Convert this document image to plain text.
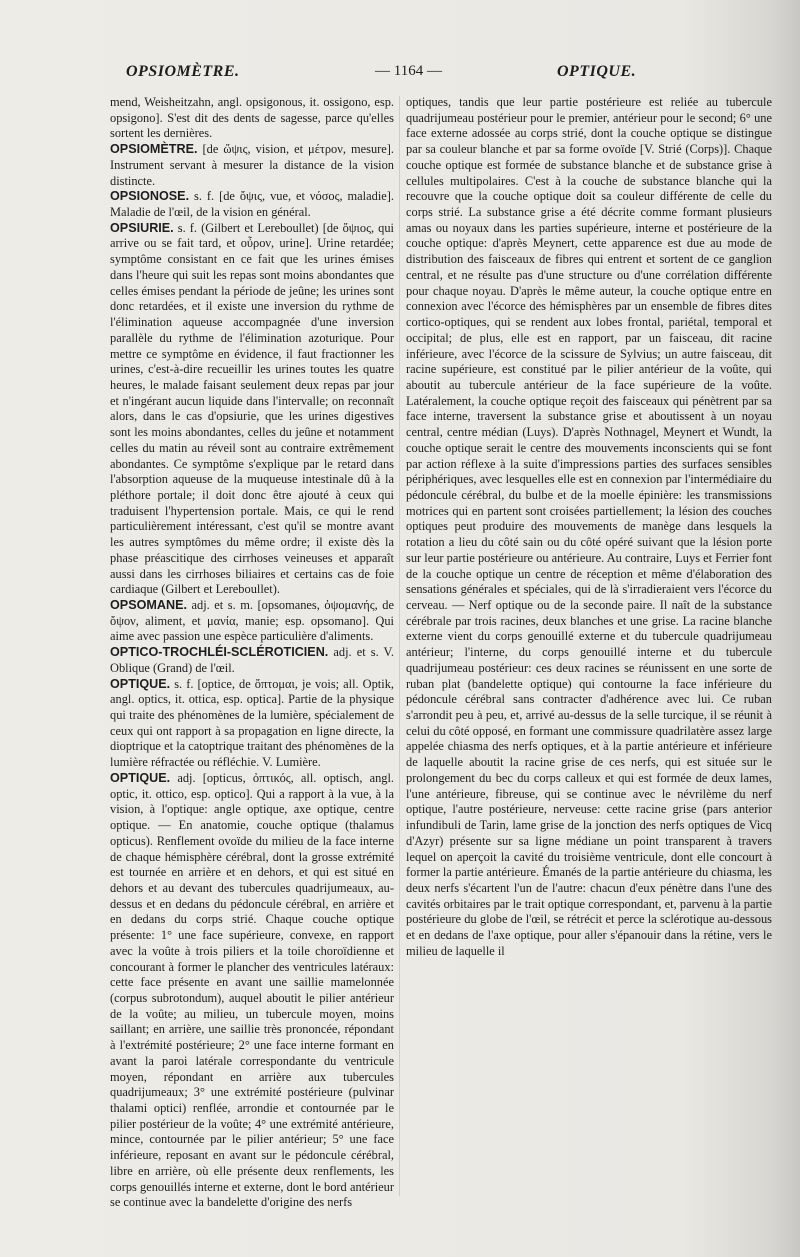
OPSIOMÈTRE.	— 1164 —	OPTIQUE.

mend, Weisheitzahn, angl. opsigonous, it. ossigono, esp. opsigono]. S'est dit des dents de sagesse, parce qu'elles sortent les dernières.

OPSIOMÈTRE. [de ὤψις, vision, et μέτρον, mesure]. Instrument servant à mesurer la distance de la vision distincte.

OPSIONOSE. s. f. [de ὄψις, vue, et νόσος, maladie]. Maladie de l'œil, de la vision en général.

OPSIURIE. s. f. (Gilbert et Lereboullet) [de ὄψιος, qui arrive ou se fait tard, et οὖρον, urine]. Urine retardée; symptôme consistant en ce fait que les urines émises dans l'heure qui suit les repas sont moins abondantes que celles émises pendant la période de jeûne; les urines sont donc retardées, et il existe une inversion du rythme de l'élimination aqueuse accompagnée d'une inversion parallèle du rythme de l'élimination azoturique. Pour mettre ce symptôme en évidence, il faut fractionner les urines, c'est-à-dire recueillir les urines toutes les quatre heures, le malade faisant seulement deux repas par jour et n'ingérant aucun liquide dans l'intervalle; on reconnaît alors, dans le cas d'opsiurie, que les urines digestives sont les moins abondantes, celles du jeûne et notamment celles du matin au réveil sont au contraire extrêmement abondantes. Ce symptôme s'explique par le retard dans l'absorption aqueuse de la muqueuse intestinale dû à la pléthore portale; il doit donc être ajouté à ceux qui traduisent l'hypertension portale. Mais, ce qui le rend particulièrement intéressant, c'est qu'il se montre avant les autres symptômes du même ordre; il existe dès la phase préascitique des cirrhoses veineuses et apparaît aussi dans les cirrhoses biliaires et certains cas de foie cardiaque (Gilbert et Lereboullet).

OPSOMANE. adj. et s. m. [opsomanes, ὀψομανής, de ὄψον, aliment, et μανία, manie; esp. opsomano]. Qui aime avec passion une espèce particulière d'aliments.

OPTICO-TROCHLÉI-SCLÉROTICIEN. adj. et s. V. Oblique (Grand) de l'œil.

OPTIQUE. s. f. [optice, de ὄπτομαι, je vois; all. Optik, angl. optics, it. ottica, esp. optica]. Partie de la physique qui traite des phénomènes de la lumière, spécialement de ceux qui ont rapport à sa propagation en ligne directe, la dioptrique et la catoptrique traitant des phénomènes de la lumière réfractée ou réfléchie. V. Lumière.

OPTIQUE. adj. [opticus, ὀπτικός, all. optisch, angl. optic, it. ottico, esp. optico]. Qui a rapport à la vue, à la vision, à l'optique: angle optique, axe optique, centre optique. — En anatomie, couche optique (thalamus opticus). Renflement ovoïde du milieu de la face interne de chaque hémisphère cérébral, dont la grosse extrémité est tournée en arrière et en dehors, et qui est situé en dehors et au devant des tubercules quadrijumeaux, au-dessus et en dedans du pédoncule cérébral, en arrière et en dedans du corps strié. Chaque couche optique présente: 1° une face supérieure, convexe, en rapport avec la voûte à trois piliers et la toile choroïdienne et concourant à former le plancher des ventricules latéraux: cette face présente en avant une saillie mamelonnée (corpus subrotondum), auquel aboutit le pilier antérieur de la voûte; au milieu, un tubercule moyen, moins saillant; en arrière, une saillie très prononcée, répondant à l'extrémité postérieure; 2° une face interne formant en avant la paroi latérale correspondante du ventricule moyen, répondant en arrière aux tubercules quadrijumeaux; 3° une extrémité postérieure (pulvinar thalami optici) renflée, arrondie et contournée par le pilier postérieur de la voûte; 4° une extrémité antérieure, mince, contournée par le pilier antérieur; 5° une face inférieure, reposant en avant sur le pédoncule cérébral, libre en arrière, où elle présente deux renflements, les corps genouillés interne et externe, dont le bord antérieur se continue avec la bandelette d'origine des nerfs

optiques, tandis que leur partie postérieure est reliée au tubercule quadrijumeau postérieur pour le premier, antérieur pour le second; 6° une face externe adossée au corps strié, dont la couche optique se distingue par sa couleur blanche et par sa forme ovoïde [V. Strié (Corps)]. Chaque couche optique est formée de substance blanche et de substance grise à cellules multipolaires. C'est à la couche de substance blanche qui la recouvre que la couche optique doit sa couleur différente de celle du corps strié. La substance grise a été décrite comme formant plusieurs amas ou noyaux dans les parties supérieure, interne et postérieure de la couche optique: d'après Meynert, cette apparence est due au mode de distribution des faisceaux de fibres qui entrent et sortent de ce ganglion central, et ne résulte pas d'une structure ou d'une corrélation différente pour chaque noyau. D'après le même auteur, la couche optique entre en connexion avec l'écorce des hémisphères par un ensemble de fibres dites cortico-optiques, qui se rendent aux lobes frontal, pariétal, temporal et occipital; de plus, elle est en rapport, par un faisceau, dit racine inférieure, avec l'écorce de la scissure de Sylvius; un autre faisceau, dit racine supérieure, est constitué par le pilier antérieur de la voûte, qui aboutit au tubercule antérieur de la face supérieure de la voûte. Latéralement, la couche optique reçoit des faisceaux qui pénètrent par sa face interne, traversent la substance grise et aboutissent à un noyau central, centre médian (Luys). D'après Nothnagel, Meynert et Wundt, la couche optique serait le centre des mouvements inconscients qui se font par action réflexe à la suite d'impressions parties des surfaces sensibles périphériques, avec lesquelles elle est en connexion par l'intermédiaire du pédoncule cérébral, du bulbe et de la moelle épinière: les transmissions motrices qui en partent sont croisées partiellement; la lésion des couches optiques peut produire des mouvements de manège dans lesquels la rotation a lieu du côté sain ou du côté opéré suivant que la lésion porte sur leur partie postérieure ou antérieure. Au contraire, Luys et Ferrier font de la couche optique un centre de réception et même d'élaboration des sensations générales et spéciales, qui de là s'irradieraient vers l'écorce du cerveau. — Nerf optique ou de la seconde paire. Il naît de la substance cérébrale par trois racines, deux blanches et une grise. La racine blanche externe vient du corps genouillé externe et du tubercule quadrijumeau antérieur; l'interne, du corps genouillé interne et du tubercule quadrijumeau postérieur: ces deux racines se réunissent en une sorte de ruban plat (bandelette optique) qui contourne la face inférieure du pédoncule cérébral sans contracter d'adhérence avec lui. Ce ruban s'arrondit peu à peu, et, arrivé au-dessus de la selle turcique, il se réunit à celui du côté opposé, en formant une commissure quadrilatère assez large appelée chiasma des nerfs optiques, et à la partie antérieure et inférieure de laquelle aboutit la racine grise de ces nerfs, qui est située sur le prolongement du bec du corps calleux et qui est formée de deux lames, l'une antérieure, fibreuse, qui se continue avec le névrilème du nerf optique, l'autre postérieure, nerveuse: cette racine grise (pars anterior infundibuli de Tarin, lame grise de la jonction des nerfs optiques de Vicq d'Azyr) présente sur sa ligne médiane un point transparent à travers lequel on aperçoit la cavité du troisième ventricule, dont elle concourt à former la partie antérieure. Émanés de la partie antérieure du chiasma, les deux nerfs s'écartent l'un de l'autre: chacun d'eux pénètre dans l'une des cavités orbitaires par le trait optique correspondant, et, parvenu à la partie postérieure du globe de l'œil, se rétrécit et perce la sclérotique au-dessous et en dedans de l'axe optique, pour aller s'épanouir dans la rétine, vers le milieu de laquelle il
